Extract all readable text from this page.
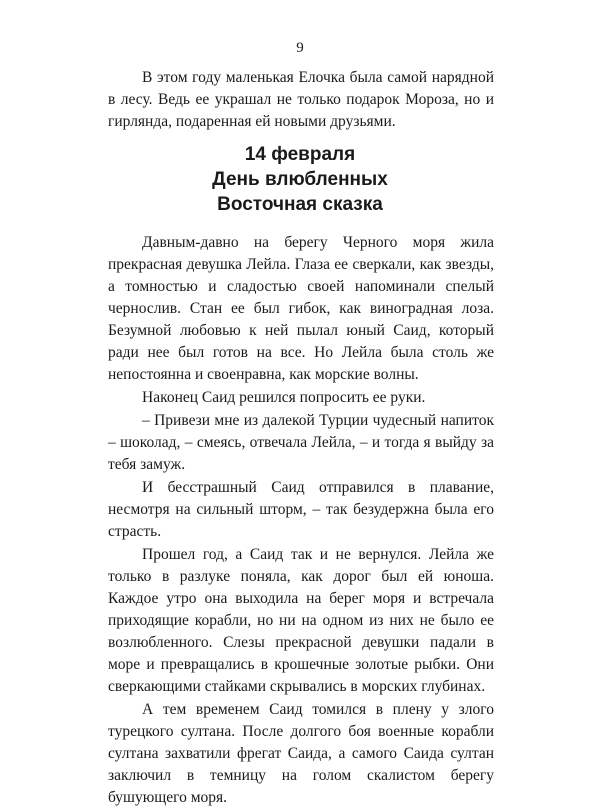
9

В этом году маленькая Елочка была самой нарядной в лесу. Ведь ее украшал не только подарок Мороза, но и гирлянда, подаренная ей новыми друзьями.

14 февраля
День влюбленных
Восточная сказка

Давным-давно на берегу Черного моря жила прекрасная девушка Лейла. Глаза ее сверкали, как звезды, а томностью и сладостью своей напоминали спелый чернослив. Стан ее был гибок, как виноградная лоза. Безумной любовью к ней пылал юный Саид, который ради нее был готов на все. Но Лейла была столь же непостоянна и своенравна, как морские волны.

Наконец Саид решился попросить ее руки.

– Привези мне из далекой Турции чудесный напиток – шоколад, – смеясь, отвечала Лейла, – и тогда я выйду за тебя замуж.

И бесстрашный Саид отправился в плавание, несмотря на сильный шторм, – так безудержна была его страсть.

Прошел год, а Саид так и не вернулся. Лейла же только в разлуке поняла, как дорог был ей юноша. Каждое утро она выходила на берег моря и встречала приходящие корабли, но ни на одном из них не было ее возлюбленного. Слезы прекрасной девушки падали в море и превращались в крошечные золотые рыбки. Они сверкающими стайками скрывались в морских глубинах.

А тем временем Саид томился в плену у злого турецкого султана. После долгого боя военные корабли султана захватили фрегат Саида, а самого Саида султан заключил в темницу на голом скалистом берегу бушующего моря.
